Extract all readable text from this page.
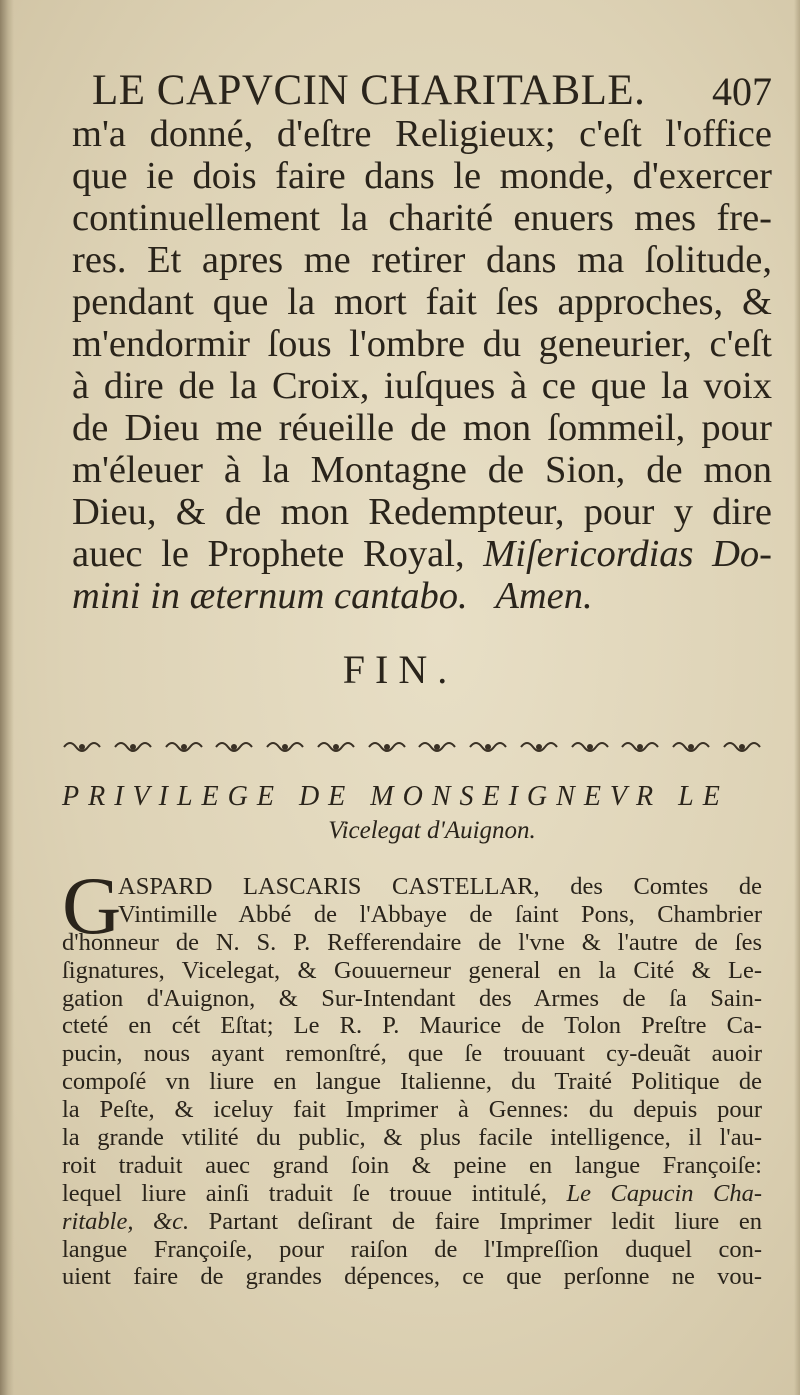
LE CAPVCIN CHARITABLE. 407
m'a donné, d'eſtre Religieux; c'eſt l'office
que ie dois faire dans le monde, d'exercer
continuellement la charité enuers mes fre-
res. Et apres me retirer dans ma ſolitude,
pendant que la mort fait ſes approches, &
m'endormir ſous l'ombre du geneurier, c'eſt
à dire de la Croix, iuſques à ce que la voix
de Dieu me réueille de mon ſommeil, pour
m'éleuer à la Montagne de Sion, de mon
Dieu, & de mon Redempteur, pour y dire
auec le Prophete Royal, Miſericordias Do-
mini in æternum cantabo. Amen.
FIN.
PRIVILEGE DE MONSEIGNEVR LE
Vicelegat d'Auignon.
G
ASPARD LASCARIS CASTELLAR, des Comtes de
Vintimille Abbé de l'Abbaye de ſaint Pons, Chambrier
d'honneur de N. S. P. Refferendaire de l'vne & l'autre de ſes
ſignatures, Vicelegat, & Gouuerneur general en la Cité & Le-
gation d'Auignon, & Sur-Intendant des Armes de ſa Sain-
cteté en cét Eſtat; Le R. P. Maurice de Tolon Preſtre Ca-
pucin, nous ayant remonſtré, que ſe trouuant cy-deuãt auoir
compoſé vn liure en langue Italienne, du Traité Politique de
la Peſte, & iceluy fait Imprimer à Gennes: du depuis pour
la grande vtilité du public, & plus facile intelligence, il l'au-
roit traduit auec grand ſoin & peine en langue Françoiſe:
lequel liure ainſi traduit ſe trouue intitulé, Le Capucin Cha-
ritable, &c. Partant deſirant de faire Imprimer ledit liure en
langue Françoiſe, pour raiſon de l'Impreſſion duquel con-
uient faire de grandes dépences, ce que perſonne ne vou-
